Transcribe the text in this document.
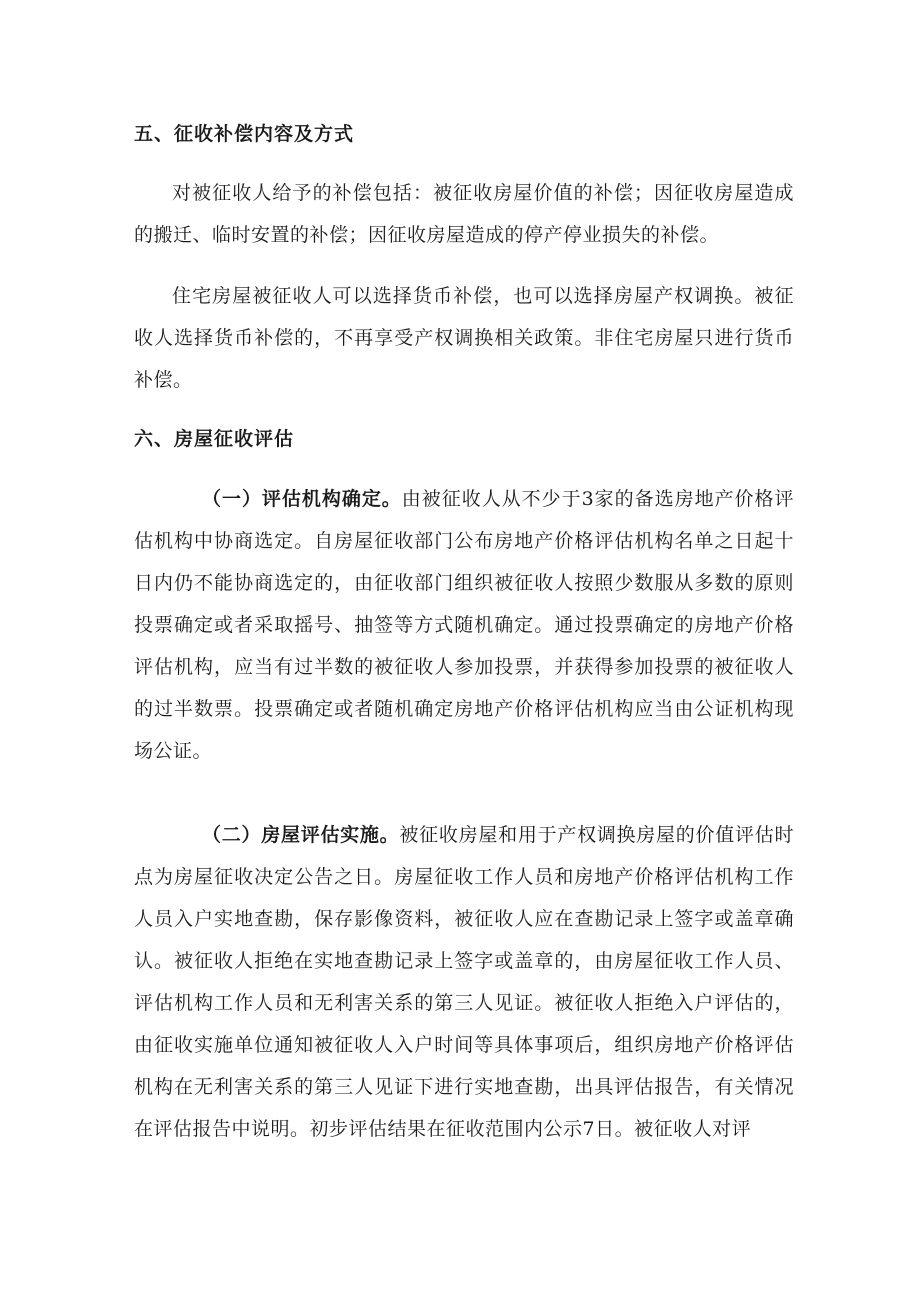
五、征收补偿内容及方式
对被征收人给予的补偿包括：被征收房屋价值的补偿；因征收房屋造成的搬迁、临时安置的补偿；因征收房屋造成的停产停业损失的补偿。
住宅房屋被征收人可以选择货币补偿，也可以选择房屋产权调换。被征收人选择货币补偿的，不再享受产权调换相关政策。非住宅房屋只进行货币补偿。
六、房屋征收评估
（一）评估机构确定。由被征收人从不少于3家的备选房地产价格评估机构中协商选定。自房屋征收部门公布房地产价格评估机构名单之日起十日内仍不能协商选定的，由征收部门组织被征收人按照少数服从多数的原则投票确定或者采取摇号、抽签等方式随机确定。通过投票确定的房地产价格评估机构，应当有过半数的被征收人参加投票，并获得参加投票的被征收人的过半数票。投票确定或者随机确定房地产价格评估机构应当由公证机构现场公证。
（二）房屋评估实施。被征收房屋和用于产权调换房屋的价值评估时点为房屋征收决定公告之日。房屋征收工作人员和房地产价格评估机构工作人员入户实地查勘，保存影像资料，被征收人应在查勘记录上签字或盖章确认。被征收人拒绝在实地查勘记录上签字或盖章的，由房屋征收工作人员、评估机构工作人员和无利害关系的第三人见证。被征收人拒绝入户评估的，由征收实施单位通知被征收人入户时间等具体事项后，组织房地产价格评估机构在无利害关系的第三人见证下进行实地查勘，出具评估报告，有关情况在评估报告中说明。初步评估结果在征收范围内公示7日。被征收人对评
